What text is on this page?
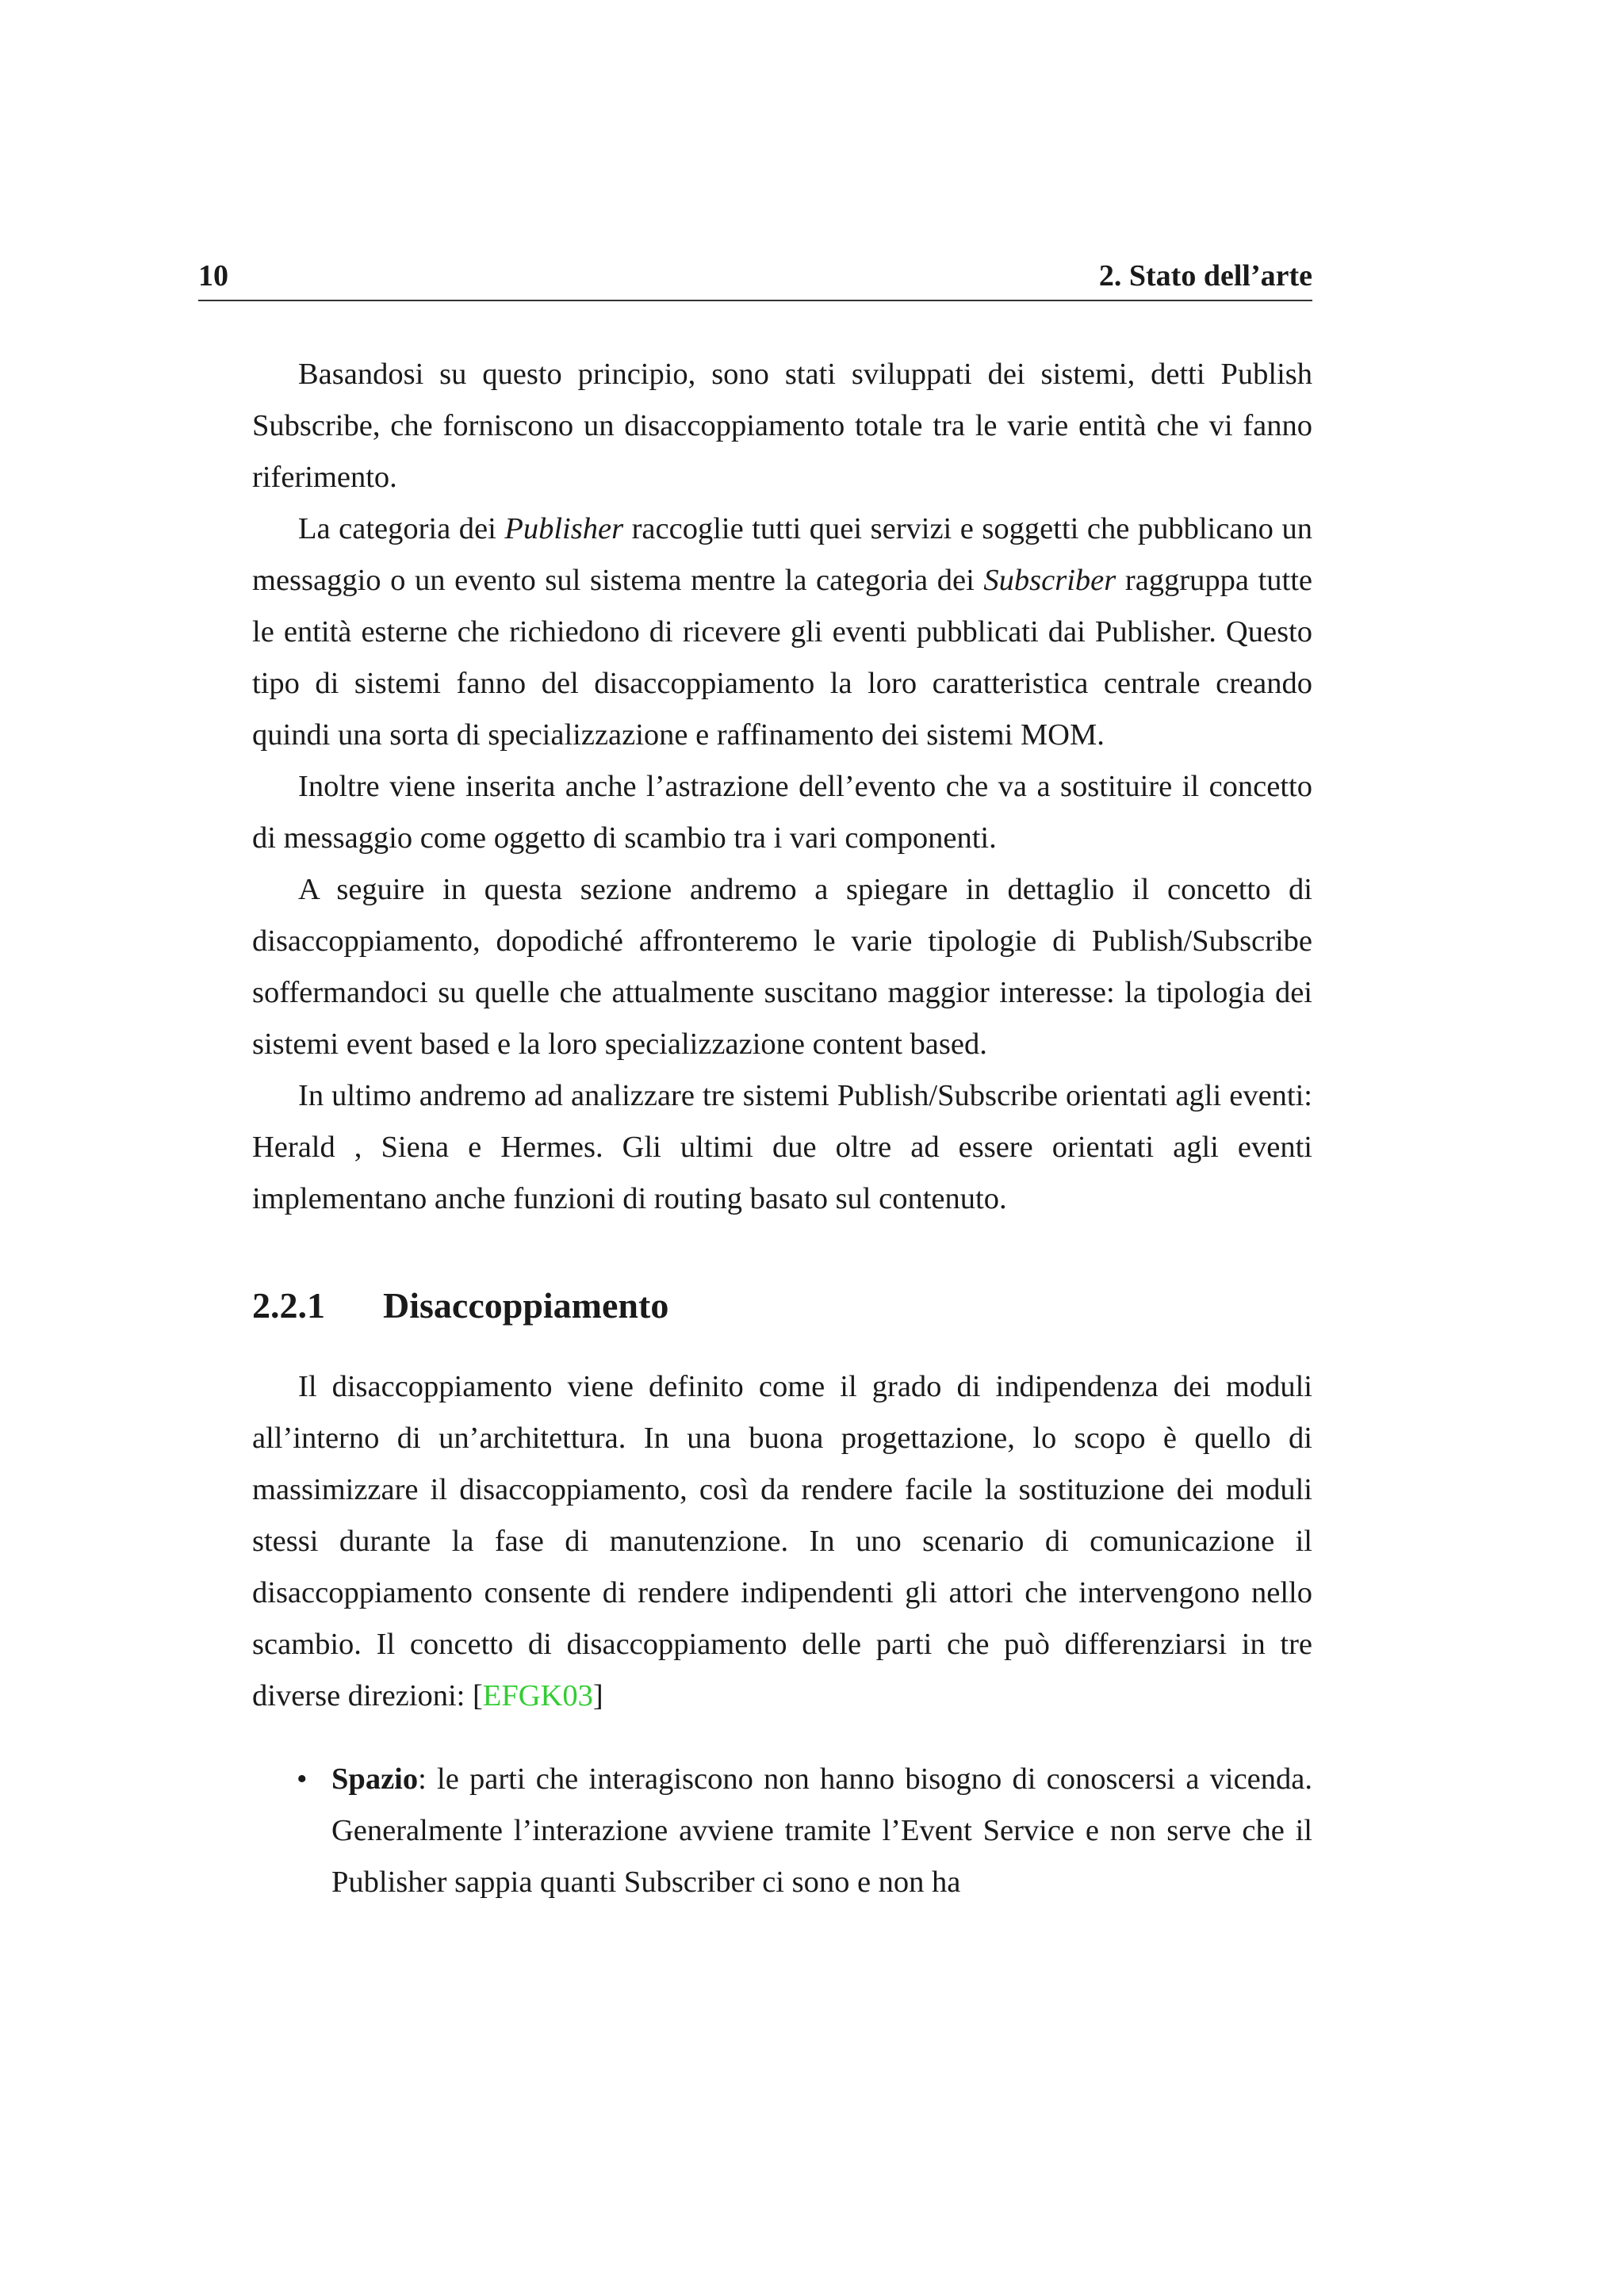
10	2. Stato dell’arte

Basandosi su questo principio, sono stati sviluppati dei sistemi, detti Publish Subscribe, che forniscono un disaccoppiamento totale tra le varie entità che vi fanno riferimento.

La categoria dei Publisher raccoglie tutti quei servizi e soggetti che pubblicano un messaggio o un evento sul sistema mentre la categoria dei Subscriber raggruppa tutte le entità esterne che richiedono di ricevere gli eventi pubblicati dai Publisher. Questo tipo di sistemi fanno del disaccoppiamento la loro caratteristica centrale creando quindi una sorta di specializzazione e raffinamento dei sistemi MOM.

Inoltre viene inserita anche l’astrazione dell’evento che va a sostituire il concetto di messaggio come oggetto di scambio tra i vari componenti.

A seguire in questa sezione andremo a spiegare in dettaglio il concetto di disaccoppiamento, dopodiché affronteremo le varie tipologie di Publish/Subscribe soffermandoci su quelle che attualmente suscitano maggior interesse: la tipologia dei sistemi event based e la loro specializzazione content based.

In ultimo andremo ad analizzare tre sistemi Publish/Subscribe orientati agli eventi: Herald , Siena e Hermes. Gli ultimi due oltre ad essere orientati agli eventi implementano anche funzioni di routing basato sul contenuto.

2.2.1 Disaccoppiamento

Il disaccoppiamento viene definito come il grado di indipendenza dei moduli all’interno di un’architettura. In una buona progettazione, lo scopo è quello di massimizzare il disaccoppiamento, così da rendere facile la sostituzione dei moduli stessi durante la fase di manutenzione. In uno scenario di comunicazione il disaccoppiamento consente di rendere indipendenti gli attori che intervengono nello scambio. Il concetto di disaccoppiamento delle parti che può differenziarsi in tre diverse direzioni: [EFGK03]

• Spazio: le parti che interagiscono non hanno bisogno di conoscersi a vicenda. Generalmente l’interazione avviene tramite l’Event Service e non serve che il Publisher sappia quanti Subscriber ci sono e non ha
